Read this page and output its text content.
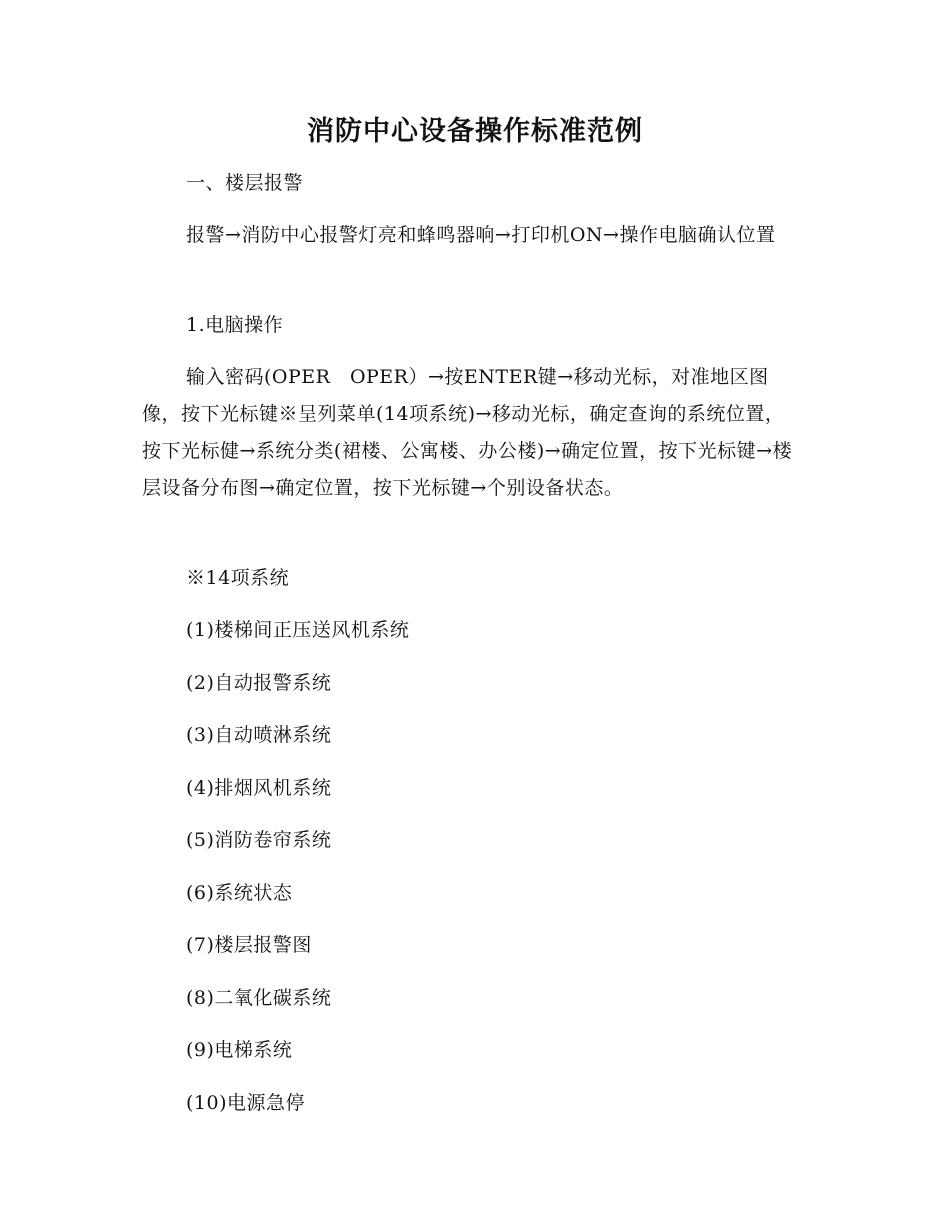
消防中心设备操作标准范例
一、楼层报警

报警→消防中心报警灯亮和蜂鸣器响→打印机ON→操作电脑确认位置

1.电脑操作

输入密码(OPER　OPER）→按ENTER键→移动光标，对准地区图像，按下光标键※呈列菜单(14项系统)→移动光标，确定查询的系统位置，按下光标健→系统分类(裙楼、公寓楼、办公楼)→确定位置，按下光标键→楼层设备分布图→确定位置，按下光标键→个别设备状态。

※14项系统
(1)楼梯间正压送风机系统
(2)自动报警系统
(3)自动喷淋系统
(4)排烟风机系统
(5)消防卷帘系统
(6)系统状态
(7)楼层报警图
(8)二氧化碳系统
(9)电梯系统
(10)电源急停
